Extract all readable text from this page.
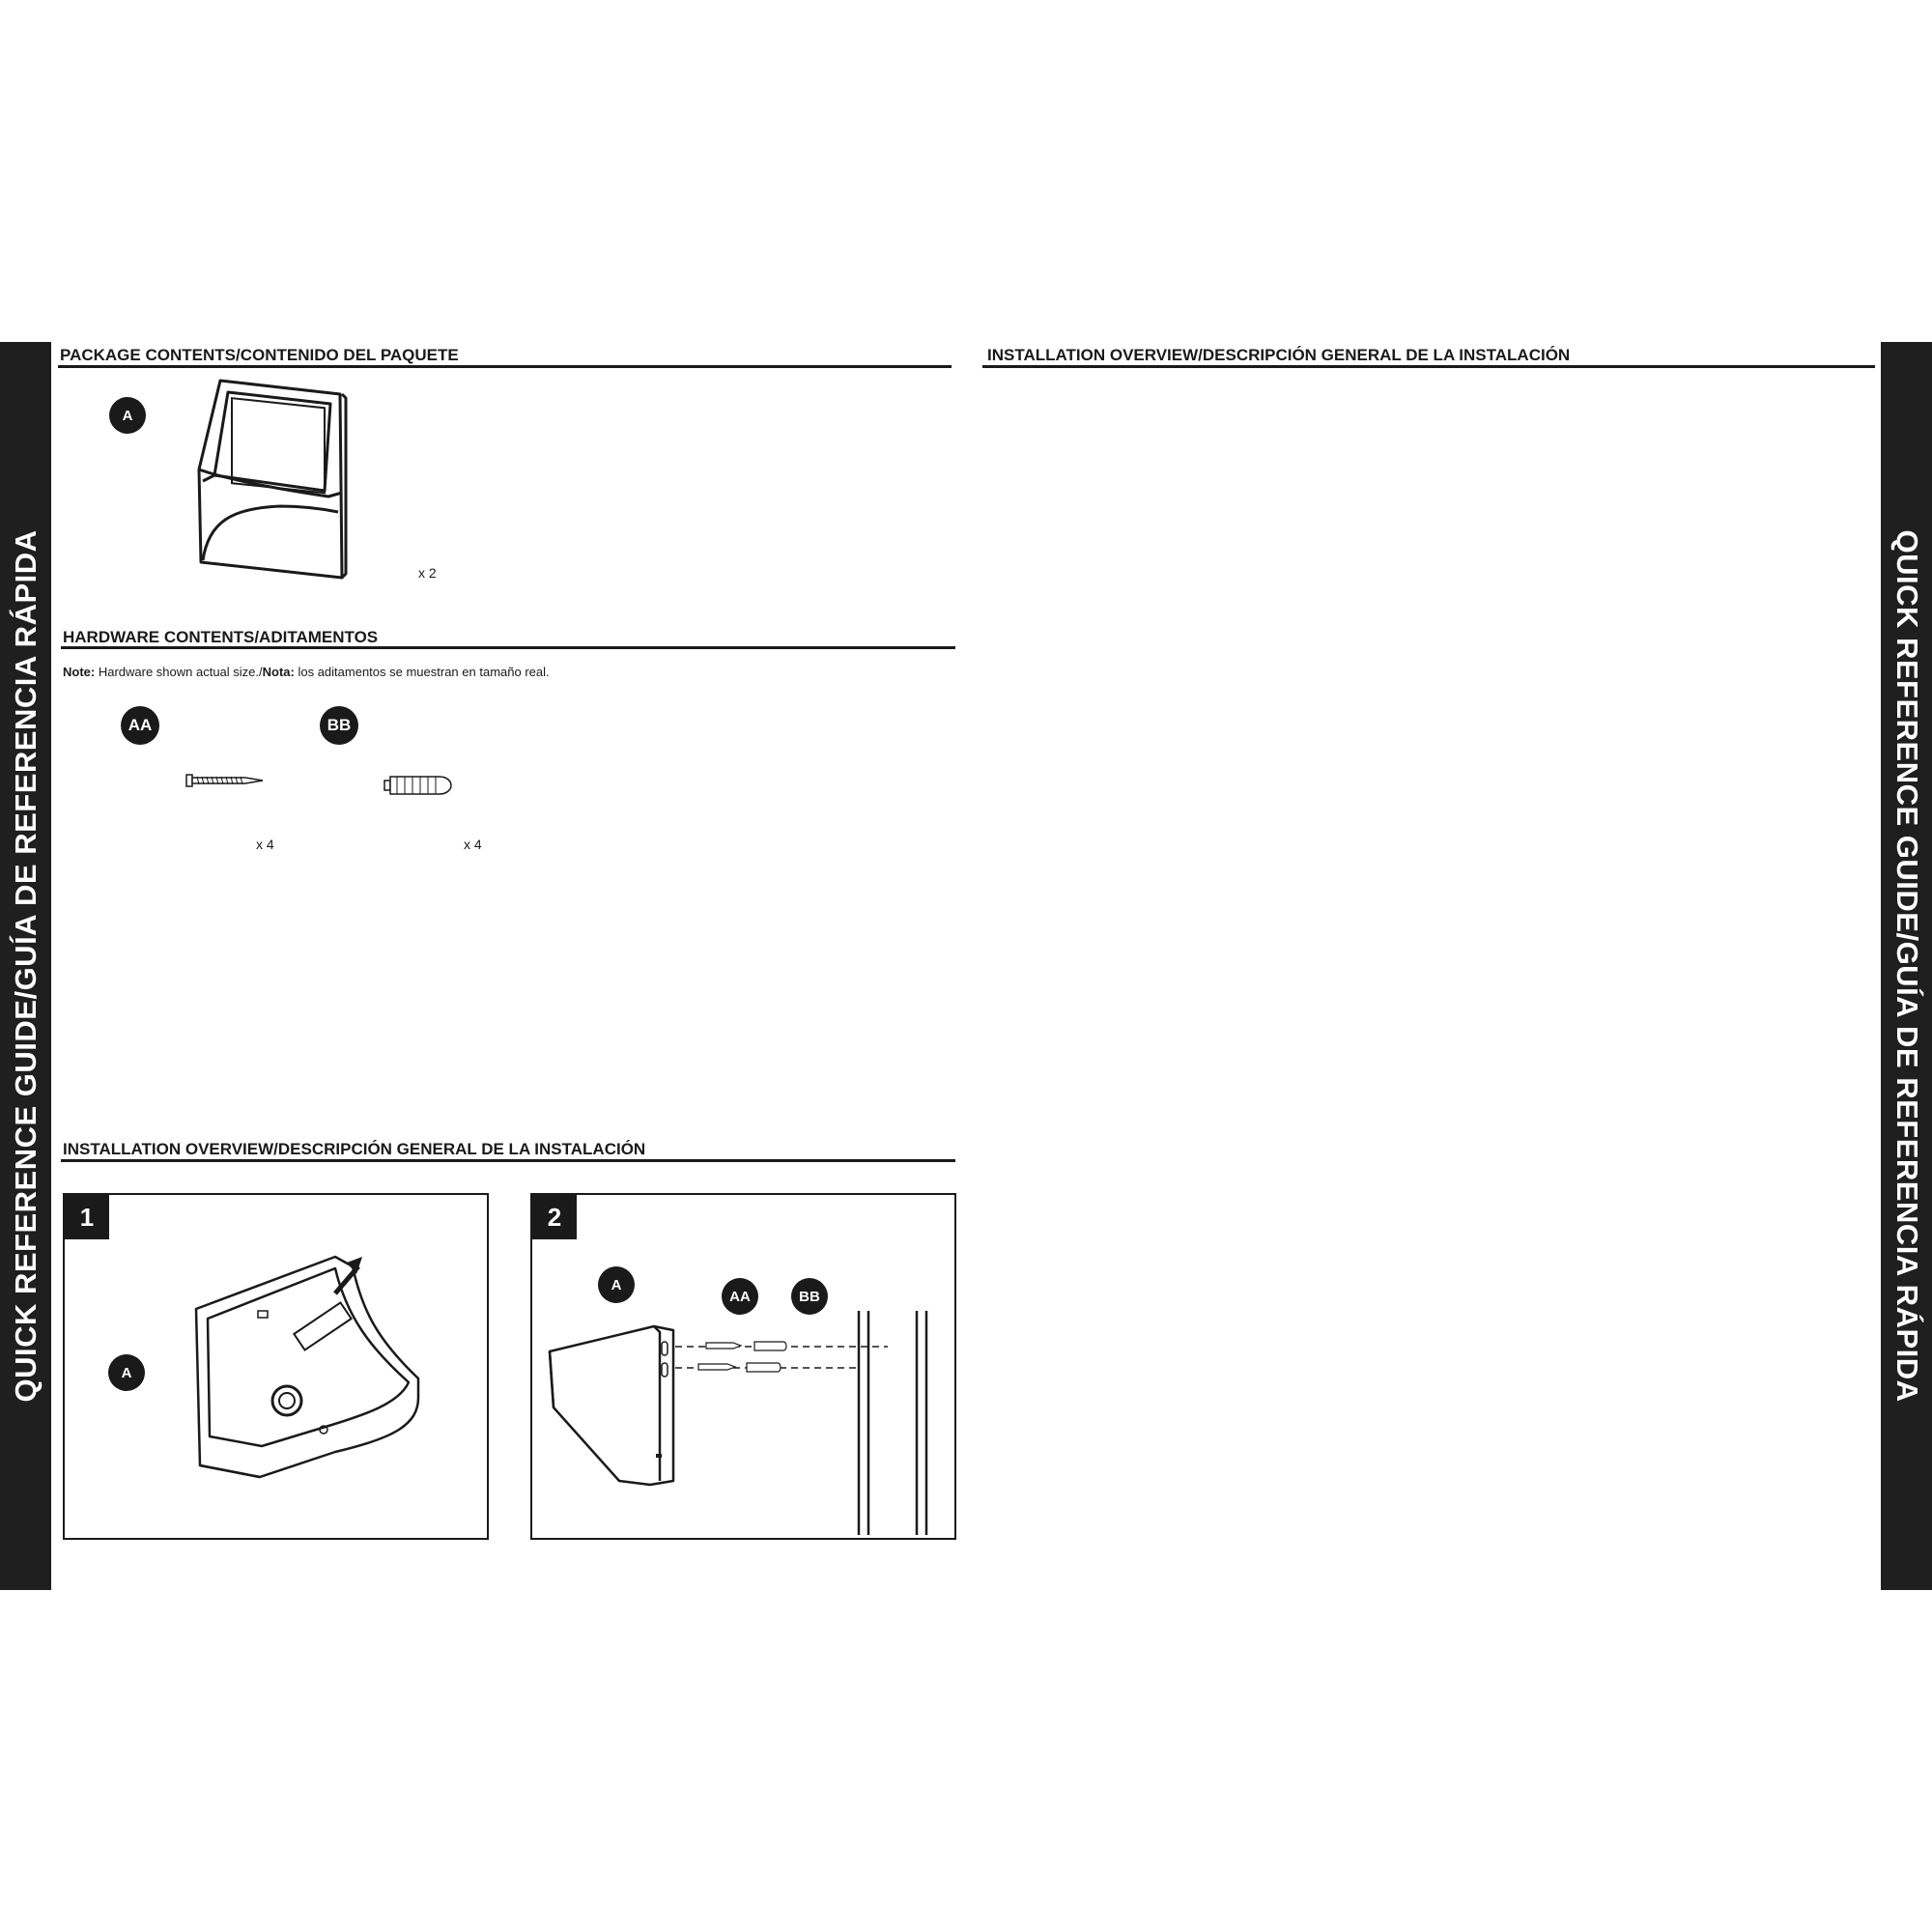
QUICK REFERENCE GUIDE/GUÍA DE REFERENCIA RÁPIDA	QUICK REFERENCE GUIDE/GUÍA DE REFERENCIA RÁPIDA
PACKAGE CONTENTS/CONTENIDO DEL PAQUETE
A
x 2
HARDWARE CONTENTS/ADITAMENTOS
Note: Hardware shown actual size./Nota: los aditamentos se muestran en tamaño real.
AA	BB
x 4	x 4
INSTALLATION OVERVIEW/DESCRIPCIÓN GENERAL DE LA INSTALACIÓN
1
A
2
A
AA	BB
INSTALLATION OVERVIEW/DESCRIPCIÓN GENERAL DE LA INSTALACIÓN
